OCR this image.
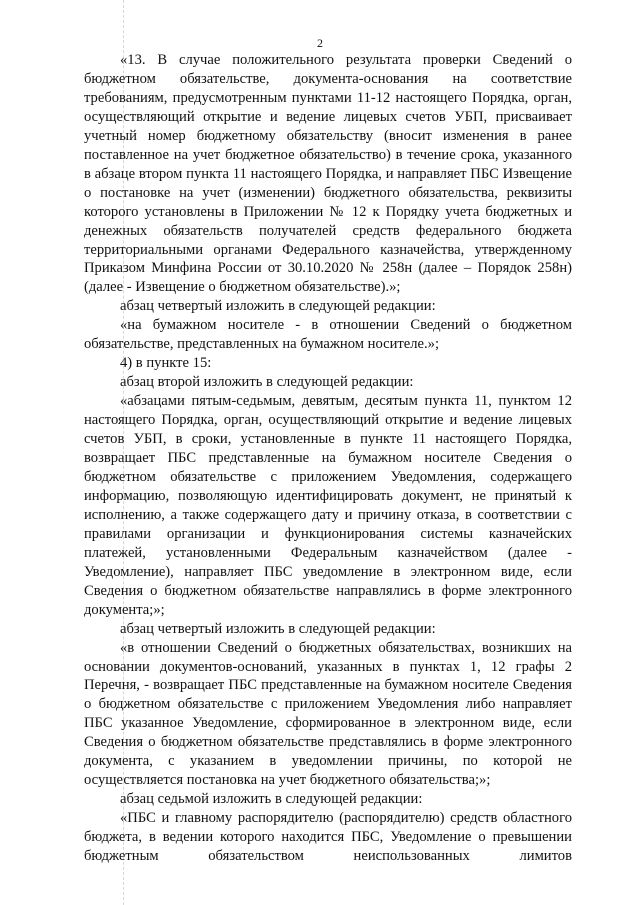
2

«13. В случае положительного результата проверки Сведений о бюджетном обязательстве, документа-основания на соответствие требованиям, предусмотренным пунктами 11-12 настоящего Порядка, орган, осуществляющий открытие и ведение лицевых счетов УБП, присваивает учетный номер бюджетному обязательству (вносит изменения в ранее поставленное на учет бюджетное обязательство) в течение срока, указанного в абзаце втором пункта 11 настоящего Порядка, и направляет ПБС Извещение о постановке на учет (изменении) бюджетного обязательства, реквизиты которого установлены в Приложении № 12 к Порядку учета бюджетных и денежных обязательств получателей средств федерального бюджета территориальными органами Федерального казначейства, утвержденному Приказом Минфина России от 30.10.2020 № 258н (далее – Порядок 258н) (далее - Извещение о бюджетном обязательстве).»;

абзац четвертый изложить в следующей редакции:

«на бумажном носителе - в отношении Сведений о бюджетном обязательстве, представленных на бумажном носителе.»;

4) в пункте 15:

абзац второй изложить в следующей редакции:

«абзацами пятым-седьмым, девятым, десятым пункта 11, пунктом 12 настоящего Порядка, орган, осуществляющий открытие и ведение лицевых счетов УБП, в сроки, установленные в пункте 11 настоящего Порядка, возвращает ПБС представленные на бумажном носителе Сведения о бюджетном обязательстве с приложением Уведомления, содержащего информацию, позволяющую идентифицировать документ, не принятый к исполнению, а также содержащего дату и причину отказа, в соответствии с правилами организации и функционирования системы казначейских платежей, установленными Федеральным казначейством (далее - Уведомление), направляет ПБС уведомление в электронном виде, если Сведения о бюджетном обязательстве направлялись в форме электронного документа;»;

абзац четвертый изложить в следующей редакции:

«в отношении Сведений о бюджетных обязательствах, возникших на основании документов-оснований, указанных в пунктах 1, 12 графы 2 Перечня, - возвращает ПБС представленные на бумажном носителе Сведения о бюджетном обязательстве с приложением Уведомления либо направляет ПБС указанное Уведомление, сформированное в электронном виде, если Сведения о бюджетном обязательстве представлялись в форме электронного документа, с указанием в уведомлении причины, по которой не осуществляется постановка на учет бюджетного обязательства;»;

абзац седьмой изложить в следующей редакции:

«ПБС и главному распорядителю (распорядителю) средств областного бюджета, в ведении которого находится ПБС, Уведомление о превышении бюджетным обязательством неиспользованных лимитов
